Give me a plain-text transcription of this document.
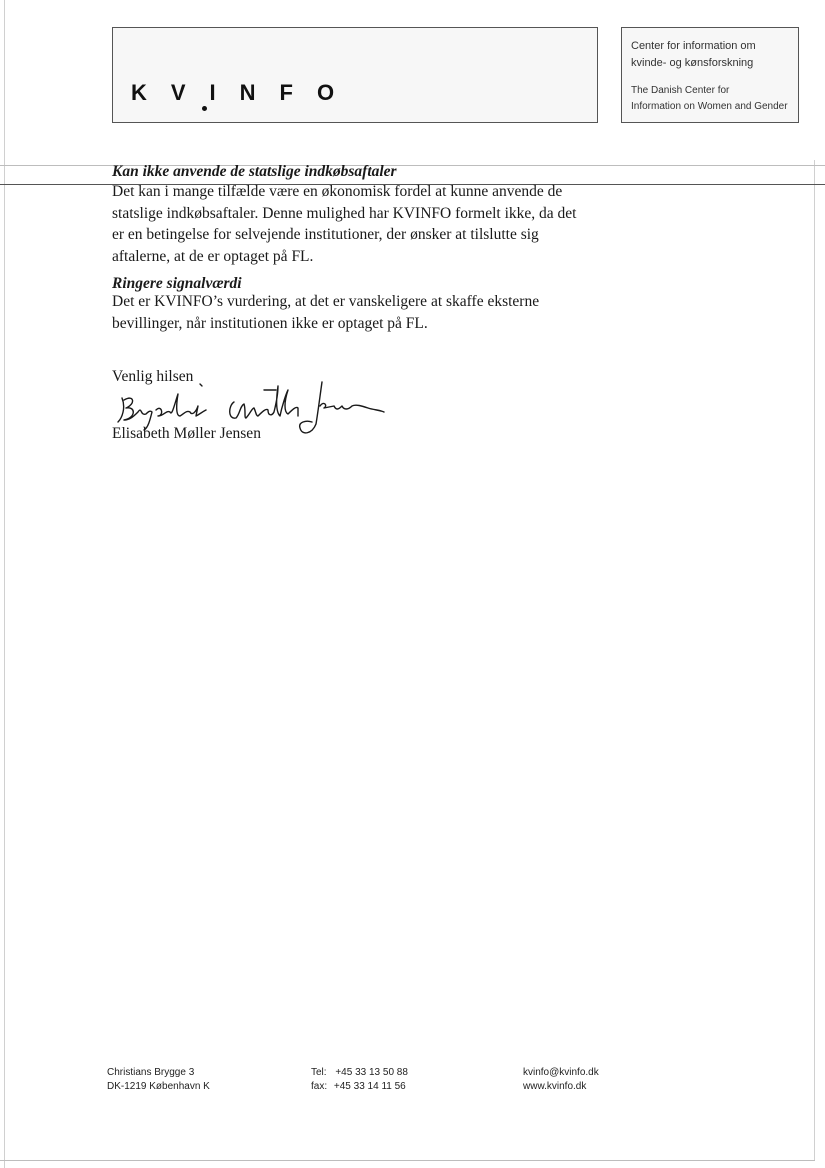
KVINFO
Center for information om
kvinde- og kønsforskning
The Danish Center for
Information on Women and Gender
Kan ikke anvende de statslige indkøbsaftaler
Det kan i mange tilfælde være en økonomisk fordel at kunne anvende de
statslige indkøbsaftaler. Denne mulighed har KVINFO formelt ikke, da det
er en betingelse for selvejende institutioner, der ønsker at tilslutte sig
aftalerne, at de er optaget på FL.
Ringere signalværdi
Det er KVINFO’s vurdering, at det er vanskeligere at skaffe eksterne
bevillinger, når institutionen ikke er optaget på FL.
Venlig hilsen
Elisabeth Møller Jensen
Christians Brygge 3
DK-1219 København K
Tel: +45 33 13 50 88
fax: +45 33 14 11 56
kvinfo@kvinfo.dk
www.kvinfo.dk
